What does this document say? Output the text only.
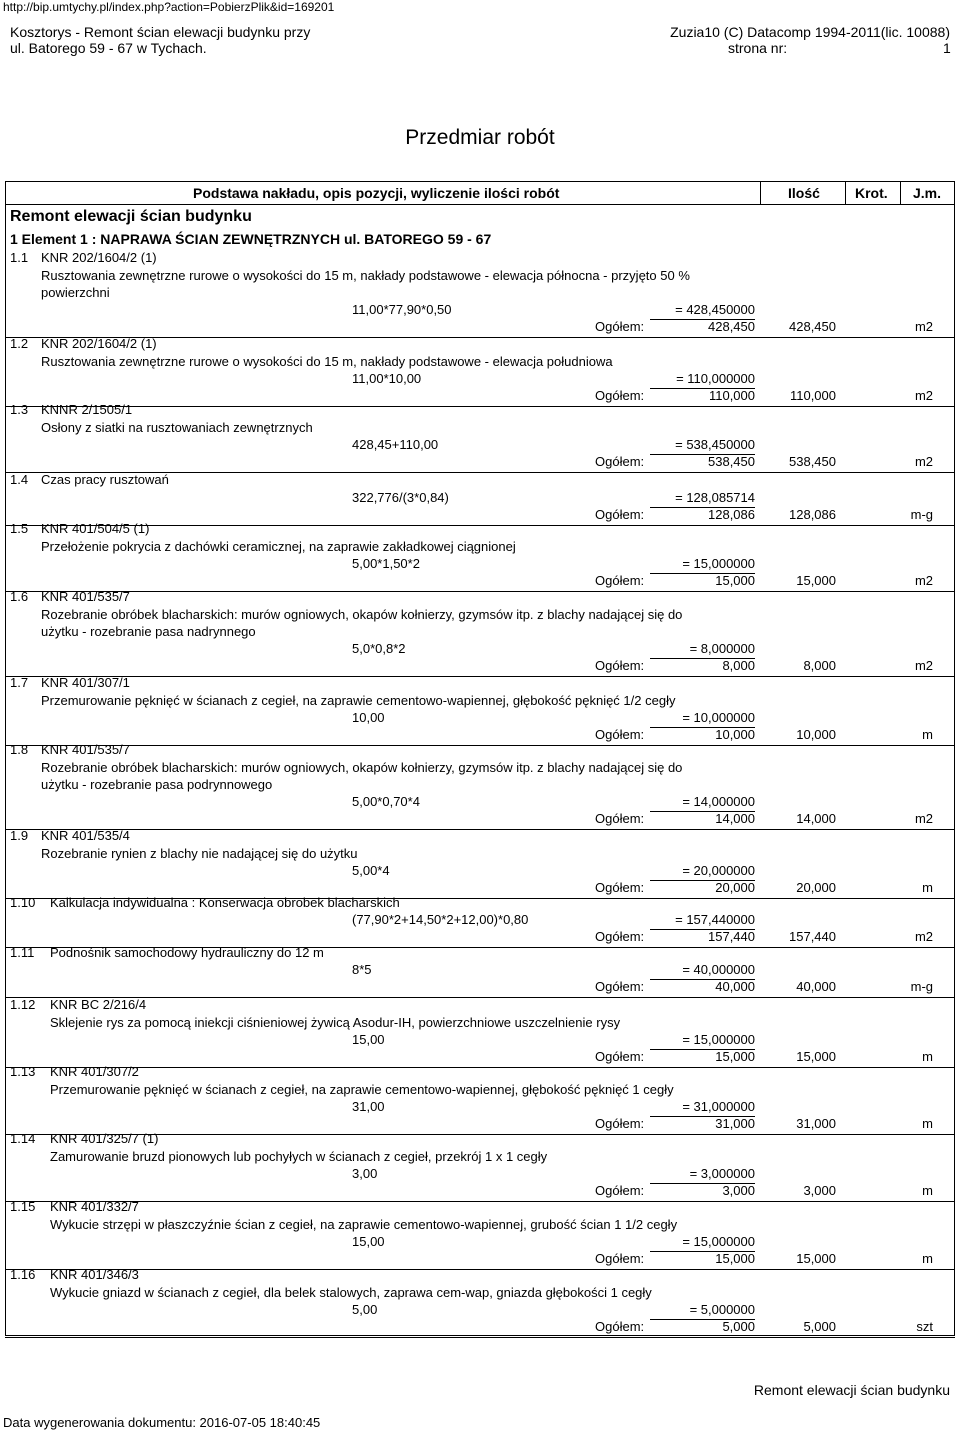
http://bip.umtychy.pl/index.php?action=PobierzPlik&id=169201
Kosztorys - Remont ścian elewacji budynku przy
ul. Batorego 59 - 67 w Tychach.
Zuzia10 (C) Datacomp 1994-2011(lic. 10088)
strona nr:	1
Przedmiar robót
Podstawa nakładu, opis pozycji, wyliczenie ilości robót	Ilość	Krot. J.m.
Remont elewacji ścian budynku
1 Element 1 : NAPRAWA ŚCIAN ZEWNĘTRZNYCH ul. BATOREGO 59 - 67
1.1 KNR 202/1604/2 (1)
Rusztowania zewnętrzne rurowe o wysokości do 15 m, nakłady podstawowe - elewacja północna - przyjęto 50 %
powierzchni
11,00*77,90*0,50	= 428,450000
Ogółem:	428,450	428,450	m2
1.2 KNR 202/1604/2 (1)
Rusztowania zewnętrzne rurowe o wysokości do 15 m, nakłady podstawowe - elewacja południowa
11,00*10,00	= 110,000000
Ogółem:	110,000	110,000	m2
1.3 KNNR 2/1505/1
Osłony z siatki na rusztowaniach zewnętrznych
428,45+110,00	= 538,450000
Ogółem:	538,450	538,450	m2
1.4 Czas pracy rusztowań
322,776/(3*0,84)	= 128,085714
Ogółem:	128,086	128,086	m-g
1.5 KNR 401/504/5 (1)
Przełożenie pokrycia z dachówki ceramicznej, na zaprawie zakładkowej ciągnionej
5,00*1,50*2	= 15,000000
Ogółem:	15,000	15,000	m2
1.6 KNR 401/535/7
Rozebranie obróbek blacharskich: murów ogniowych, okapów kołnierzy, gzymsów itp. z blachy nadającej się do
użytku - rozebranie pasa nadrynnego
5,0*0,8*2	= 8,000000
Ogółem:	8,000	8,000	m2
1.7 KNR 401/307/1
Przemurowanie pęknięć w ścianach z cegieł, na zaprawie cementowo-wapiennej, głębokość pęknięć 1/2 cegły
10,00	= 10,000000
Ogółem:	10,000	10,000	m
1.8 KNR 401/535/7
Rozebranie obróbek blacharskich: murów ogniowych, okapów kołnierzy, gzymsów itp. z blachy nadającej się do
użytku - rozebranie pasa podrynnowego
5,00*0,70*4	= 14,000000
Ogółem:	14,000	14,000	m2
1.9 KNR 401/535/4
Rozebranie rynien z blachy nie nadającej się do użytku
5,00*4	= 20,000000
Ogółem:	20,000	20,000	m
1.10 Kalkulacja indywidualna : Konserwacja obrobek blacharskich
(77,90*2+14,50*2+12,00)*0,80	= 157,440000
Ogółem:	157,440	157,440	m2
1.11 Podnośnik samochodowy hydrauliczny do 12 m
8*5	= 40,000000
Ogółem:	40,000	40,000	m-g
1.12 KNR BC 2/216/4
Sklejenie rys za pomocą iniekcji ciśnieniowej żywicą Asodur-IH, powierzchniowe uszczelnienie rysy
15,00	= 15,000000
Ogółem:	15,000	15,000	m
1.13 KNR 401/307/2
Przemurowanie pęknięć w ścianach z cegieł, na zaprawie cementowo-wapiennej, głębokość pęknięć 1 cegły
31,00	= 31,000000
Ogółem:	31,000	31,000	m
1.14 KNR 401/325/7 (1)
Zamurowanie bruzd pionowych lub pochyłych w ścianach z cegieł, przekrój 1 x 1 cegły
3,00	= 3,000000
Ogółem:	3,000	3,000	m
1.15 KNR 401/332/7
Wykucie strzępi w płaszczyźnie ścian z cegieł, na zaprawie cementowo-wapiennej, grubość ścian 1 1/2 cegły
15,00	= 15,000000
Ogółem:	15,000	15,000	m
1.16 KNR 401/346/3
Wykucie gniazd w ścianach z cegieł, dla belek stalowych, zaprawa cem-wap, gniazda głębokości 1 cegły
5,00	= 5,000000
Ogółem:	5,000	5,000	szt
Remont elewacji ścian budynku
Data wygenerowania dokumentu: 2016-07-05 18:40:45
